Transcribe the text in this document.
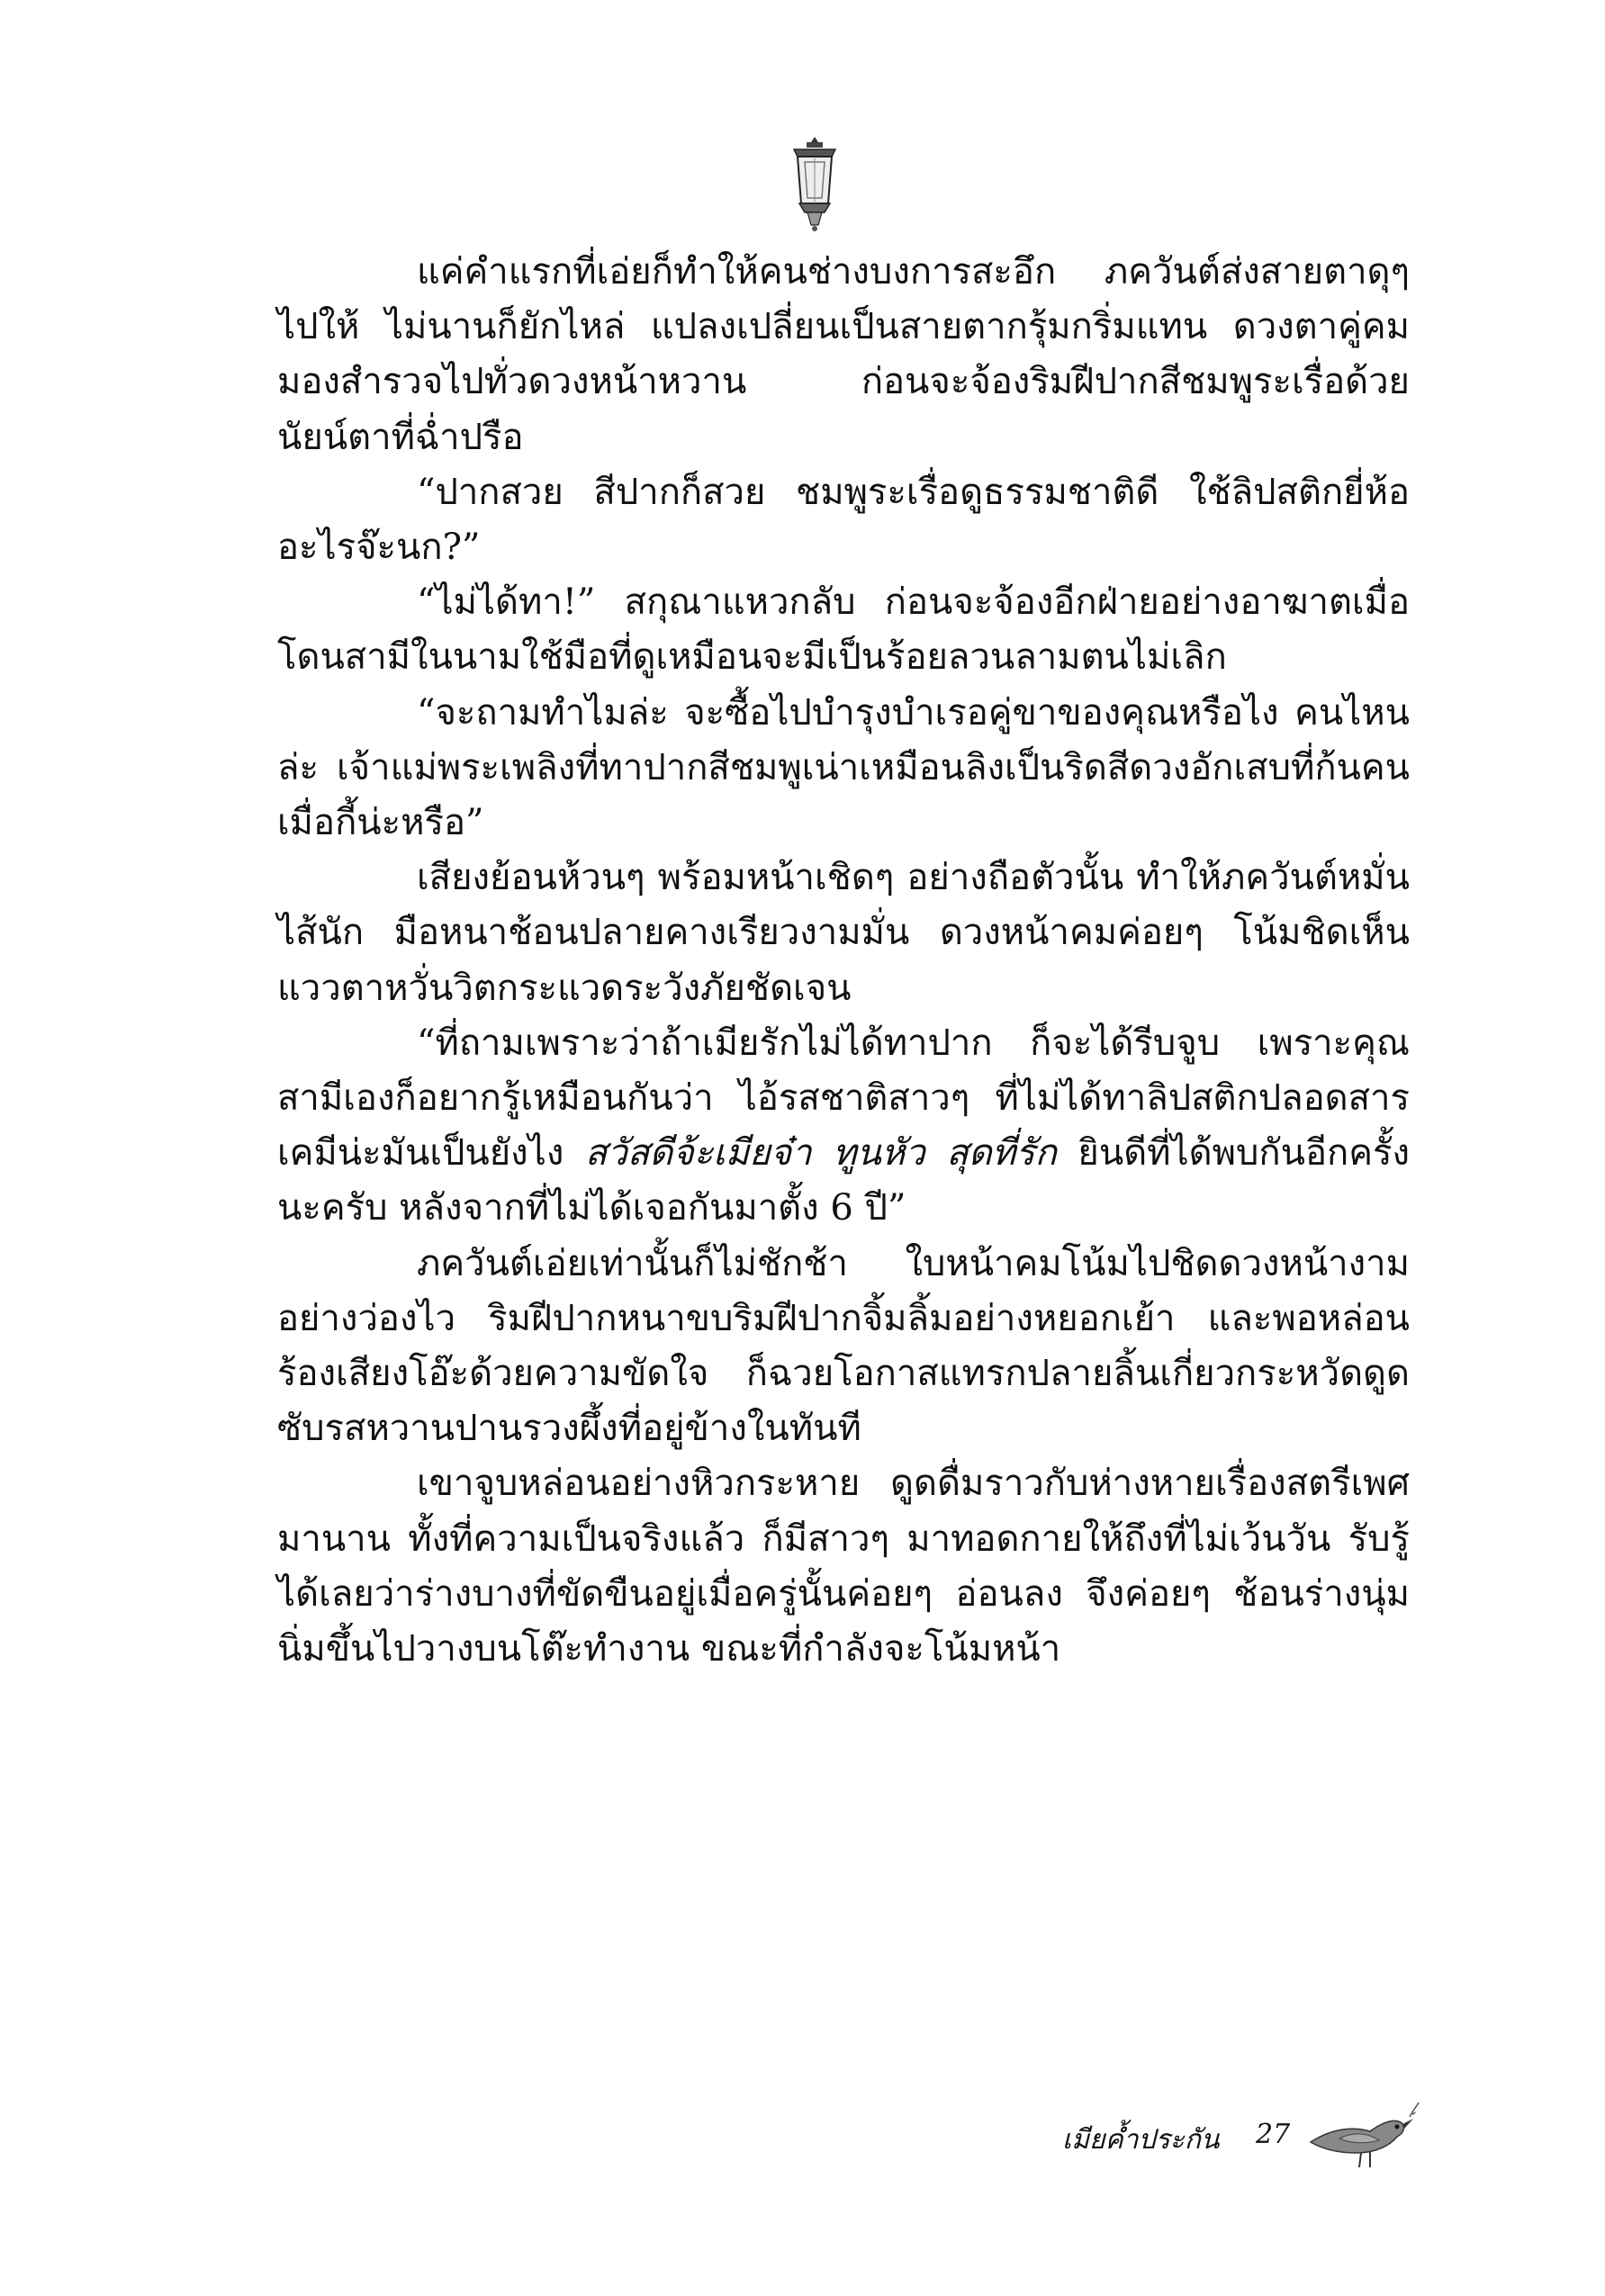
แค่คำแรกที่เอ่ยก็ทำให้คนช่างบงการสะอึก ภควันต์ส่งสายตาดุๆ ไปให้ ไม่นานก็ยักไหล่ แปลงเปลี่ยนเป็นสายตากรุ้มกริ่มแทน ดวงตาคู่คมมองสำรวจไปทั่วดวงหน้าหวาน ก่อนจะจ้องริมฝีปากสีชมพูระเรื่อด้วยนัยน์ตาที่ฉ่ำปรือ

“ปากสวย สีปากก็สวย ชมพูระเรื่อดูธรรมชาติดี ใช้ลิปสติกยี่ห้ออะไรจ๊ะนก?”

“ไม่ได้ทา!” สกุณาแหวกลับ ก่อนจะจ้องอีกฝ่ายอย่างอาฆาตเมื่อโดนสามีในนามใช้มือที่ดูเหมือนจะมีเป็นร้อยลวนลามตนไม่เลิก

“จะถามทำไมล่ะ จะซื้อไปบำรุงบำเรอคู่ขาของคุณหรือไง คนไหนล่ะ เจ้าแม่พระเพลิงที่ทาปากสีชมพูเน่าเหมือนลิงเป็นริดสีดวงอักเสบที่ก้นคนเมื่อกี้น่ะหรือ”

เสียงย้อนห้วนๆ พร้อมหน้าเชิดๆ อย่างถือตัวนั้น ทำให้ภควันต์หมั่นไส้นัก มือหนาช้อนปลายคางเรียวงามมั่น ดวงหน้าคมค่อยๆ โน้มชิดเห็นแววตาหวั่นวิตกระแวดระวังภัยชัดเจน

“ที่ถามเพราะว่าถ้าเมียรักไม่ได้ทาปาก ก็จะได้รีบจูบ เพราะคุณสามีเองก็อยากรู้เหมือนกันว่า ไอ้รสชาติสาวๆ ที่ไม่ได้ทาลิปสติกปลอดสารเคมีน่ะมันเป็นยังไง สวัสดีจ้ะเมียจ๋า ทูนหัว สุดที่รัก ยินดีที่ได้พบกันอีกครั้งนะครับ หลังจากที่ไม่ได้เจอกันมาตั้ง 6 ปี”

ภควันต์เอ่ยเท่านั้นก็ไม่ชักช้า ใบหน้าคมโน้มไปชิดดวงหน้างามอย่างว่องไว ริมฝีปากหนาขบริมฝีปากจิ้มลิ้มอย่างหยอกเย้า และพอหล่อนร้องเสียงโอ๊ะด้วยความขัดใจ ก็ฉวยโอกาสแทรกปลายลิ้นเกี่ยวกระหวัดดูดซับรสหวานปานรวงผึ้งที่อยู่ข้างในทันที

เขาจูบหล่อนอย่างหิวกระหาย ดูดดื่มราวกับห่างหายเรื่องสตรีเพศมานาน ทั้งที่ความเป็นจริงแล้ว ก็มีสาวๆ มาทอดกายให้ถึงที่ไม่เว้นวัน รับรู้ได้เลยว่าร่างบางที่ขัดขืนอยู่เมื่อครู่นั้นค่อยๆ อ่อนลง จึงค่อยๆ ช้อนร่างนุ่มนิ่มขึ้นไปวางบนโต๊ะทำงาน ขณะที่กำลังจะโน้มหน้า

เมียค้ำประกัน 27
